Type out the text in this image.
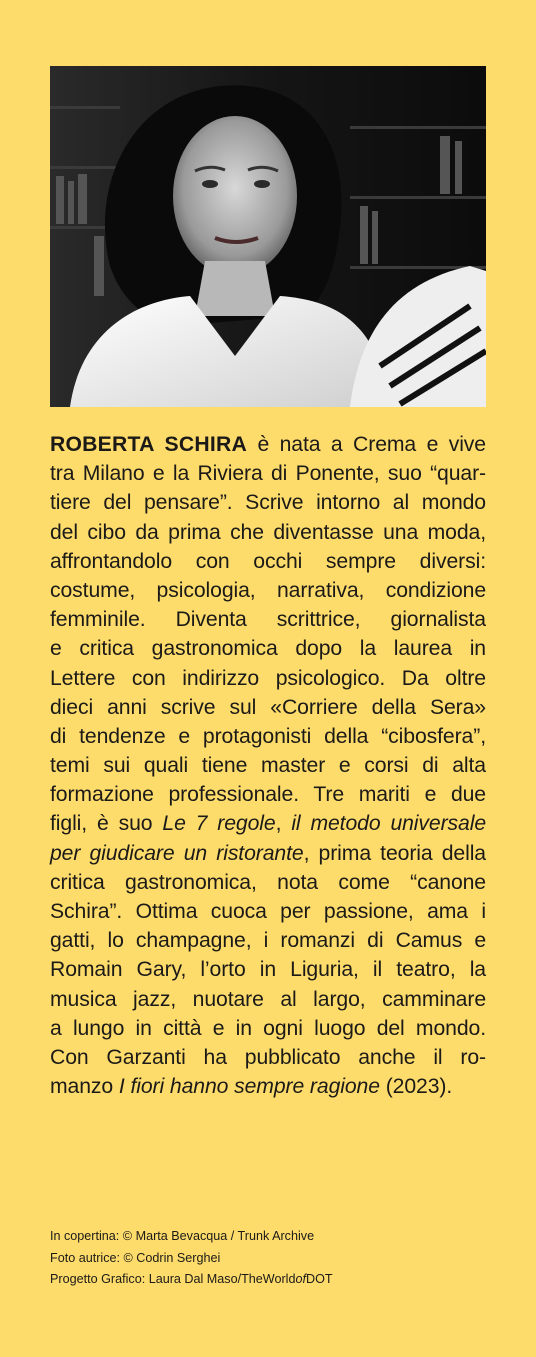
ROBERTA SCHIRA è nata a Crema e vive
tra Milano e la Riviera di Ponente, suo “quar-
tiere del pensare”. Scrive intorno al mondo
del cibo da prima che diventasse una moda,
affrontandolo con occhi sempre diversi:
costume, psicologia, narrativa, condizione
femminile. Diventa scrittrice, giornalista
e critica gastronomica dopo la laurea in
Lettere con indirizzo psicologico. Da oltre
dieci anni scrive sul «Corriere della Sera»
di tendenze e protagonisti della “cibosfera”,
temi sui quali tiene master e corsi di alta
formazione professionale. Tre mariti e due
figli, è suo Le 7 regole, il metodo universale
per giudicare un ristorante, prima teoria della
critica gastronomica, nota come “canone
Schira”. Ottima cuoca per passione, ama i
gatti, lo champagne, i romanzi di Camus e
Romain Gary, l’orto in Liguria, il teatro, la
musica jazz, nuotare al largo, camminare
a lungo in città e in ogni luogo del mondo.
Con Garzanti ha pubblicato anche il ro-
manzo I fiori hanno sempre ragione (2023).
In copertina: © Marta Bevacqua / Trunk Archive
Foto autrice: © Codrin Serghei
Progetto Grafico: Laura Dal Maso/TheWorldofDOT
